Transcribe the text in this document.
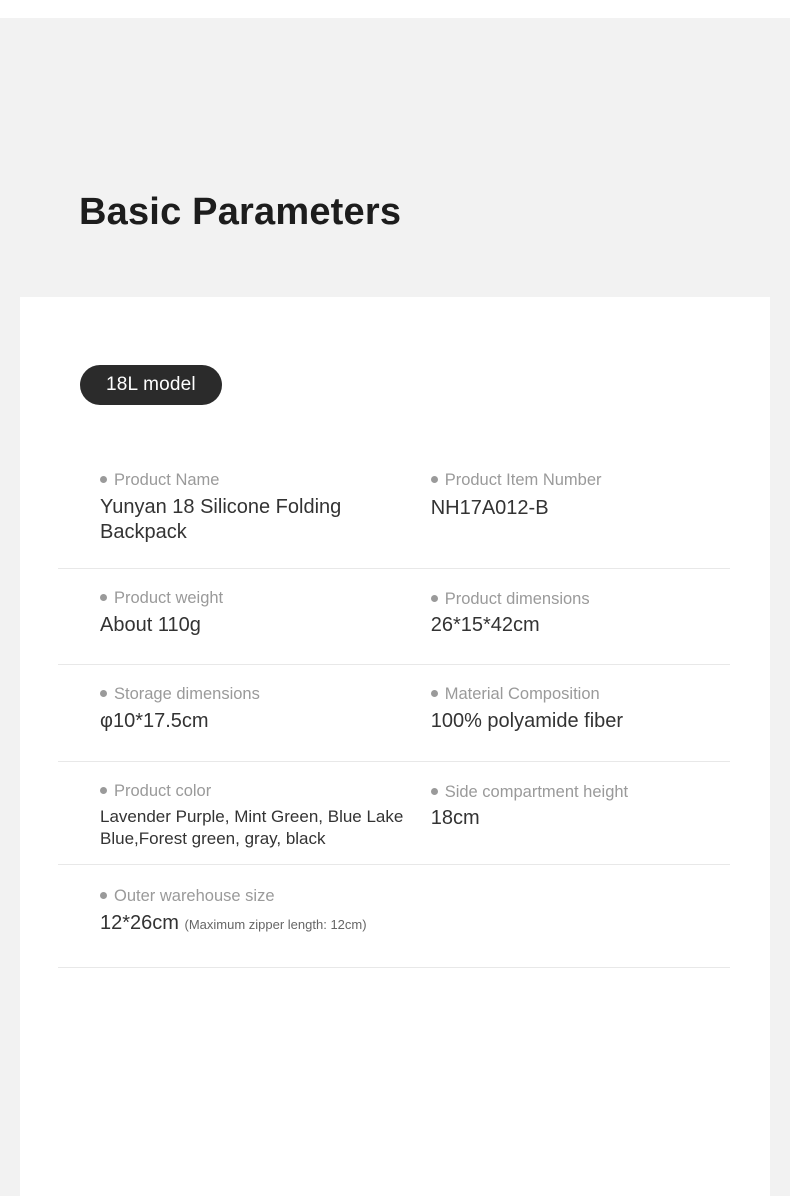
Basic Parameters
18L model
Product Name
Yunyan 18 Silicone Folding Backpack
Product Item Number
NH17A012-B
Product weight
About 110g
Product dimensions
26*15*42cm
Storage dimensions
φ10*17.5cm
Material Composition
100% polyamide fiber
Product color
Lavender Purple, Mint Green, Blue Lake Blue,Forest green, gray, black
Side compartment height
18cm
Outer warehouse size
12*26cm (Maximum zipper length: 12cm)
